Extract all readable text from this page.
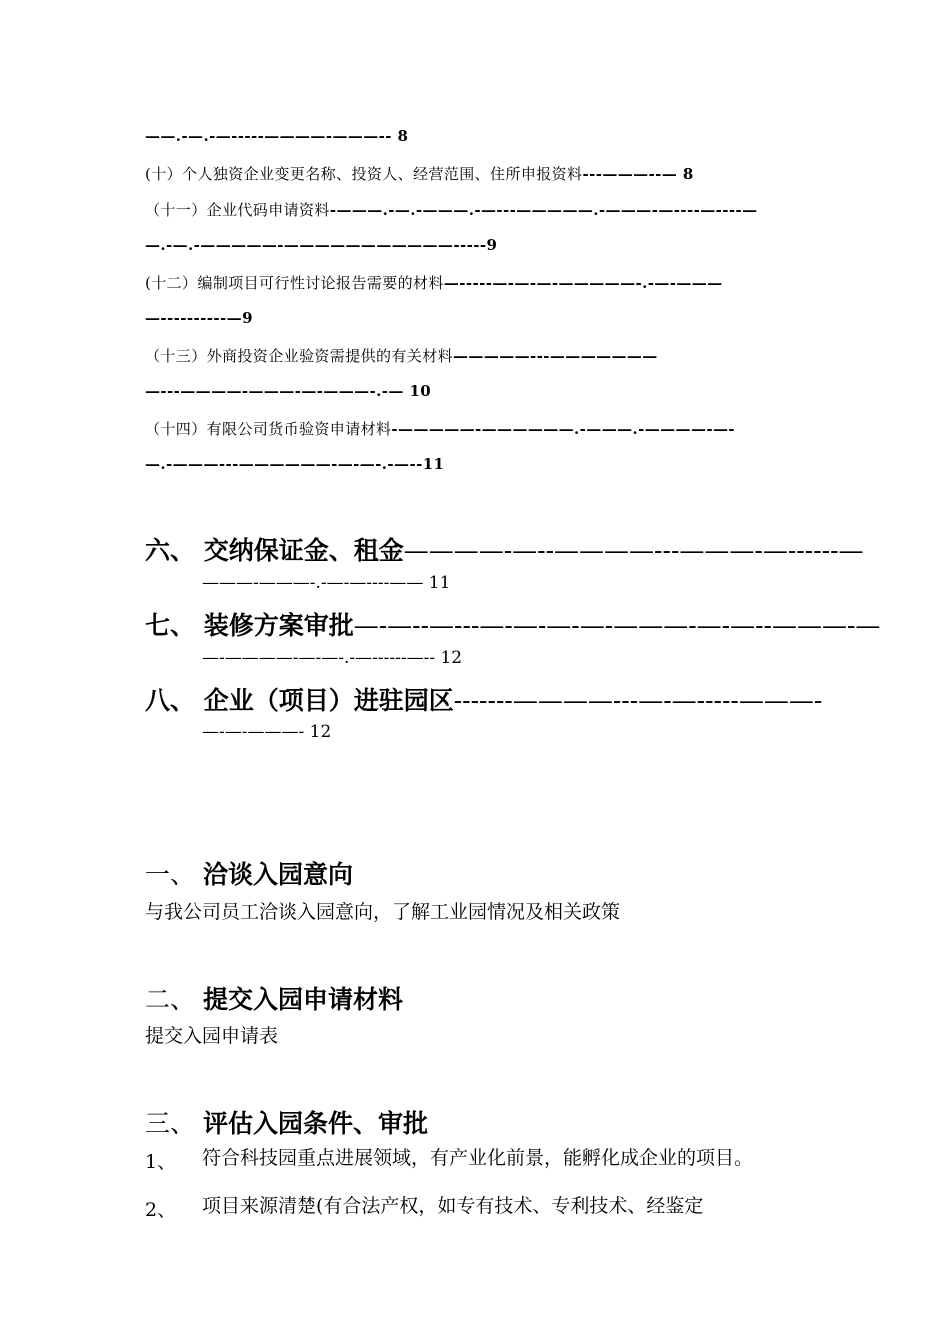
——.-—.-—-----————-———-- 8
(十）个人独资企业变更名称、投资人、经营范围、住所申报资料---———--— 8
（十一）企业代码申请资料-———.-—.-———.-—---—————.-———-—----—----—
—.-—.-—————-———————————-----9
(十二）编制项目可行性讨论报告需要的材料—-----—-—-—-—————-.-—-———
—----------—9
（十三）外商投资企业验资需提供的有关材料—————---———————
—---————-———-—-———-.-— 10
（十四）有限公司货币验资申请材料-—————-——————.-———.-————-—-
—.-———---——————-—-—-.-—--11
六、 交纳保证金、租金————-—--————---———-—------—
———-———-.-—-—----—— 11
七、 装修方案审批—-—--—---—-—-—-—-———-—-—--———-—
—-————-—-—-.-—------—-- 12
八、 企业（项目）进驻园区-------————---—-—-----———-
—-—-———- 12
一、 洽谈入园意向
与我公司员工洽谈入园意向，了解工业园情况及相关政策
二、 提交入园申请材料
提交入园申请表
三、 评估入园条件、审批
1、 符合科技园重点进展领域，有产业化前景，能孵化成企业的项目。
2、 项目来源清楚(有合法产权，如专有技术、专利技术、经鉴定
